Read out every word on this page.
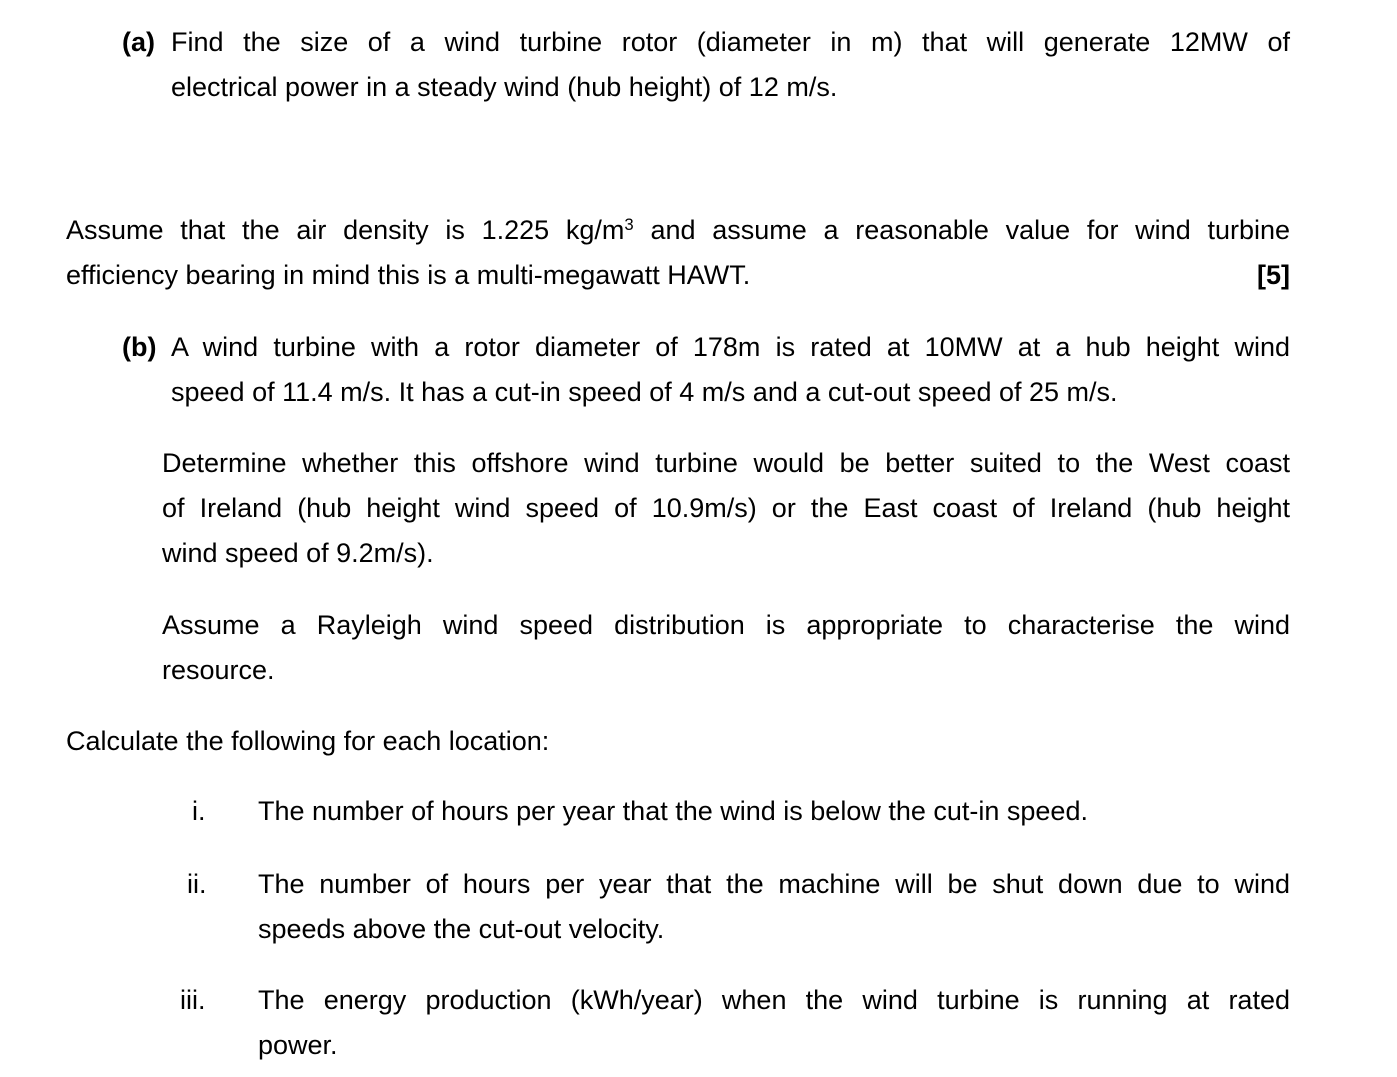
(a) Find the size of a wind turbine rotor (diameter in m) that will generate 12MW of
electrical power in a steady wind (hub height) of 12 m/s.
Assume that the air density is 1.225 $kg/m^3$ and assume a reasonable value for wind turbine
efficiency bearing in mind this is a multi-megawatt HAWT.	[5]
(b) A wind turbine with a rotor diameter of 178m is rated at 10MW at a hub height wind
speed of 11.4 m/s. It has a cut-in speed of 4 m/s and a cut-out speed of 25 m/s.
Determine whether this offshore wind turbine would be better suited to the West coast
of Ireland (hub height wind speed of 10.9m/s) or the East coast of Ireland (hub height
wind speed of 9.2m/s).
Assume a Rayleigh wind speed distribution is appropriate to characterise the wind
resource.
Calculate the following for each location:
i. The number of hours per year that the wind is below the cut-in speed.
ii. The number of hours per year that the machine will be shut down due to wind
speeds above the cut-out velocity.
iii. The energy production (kWh/year) when the wind turbine is running at rated
power.
